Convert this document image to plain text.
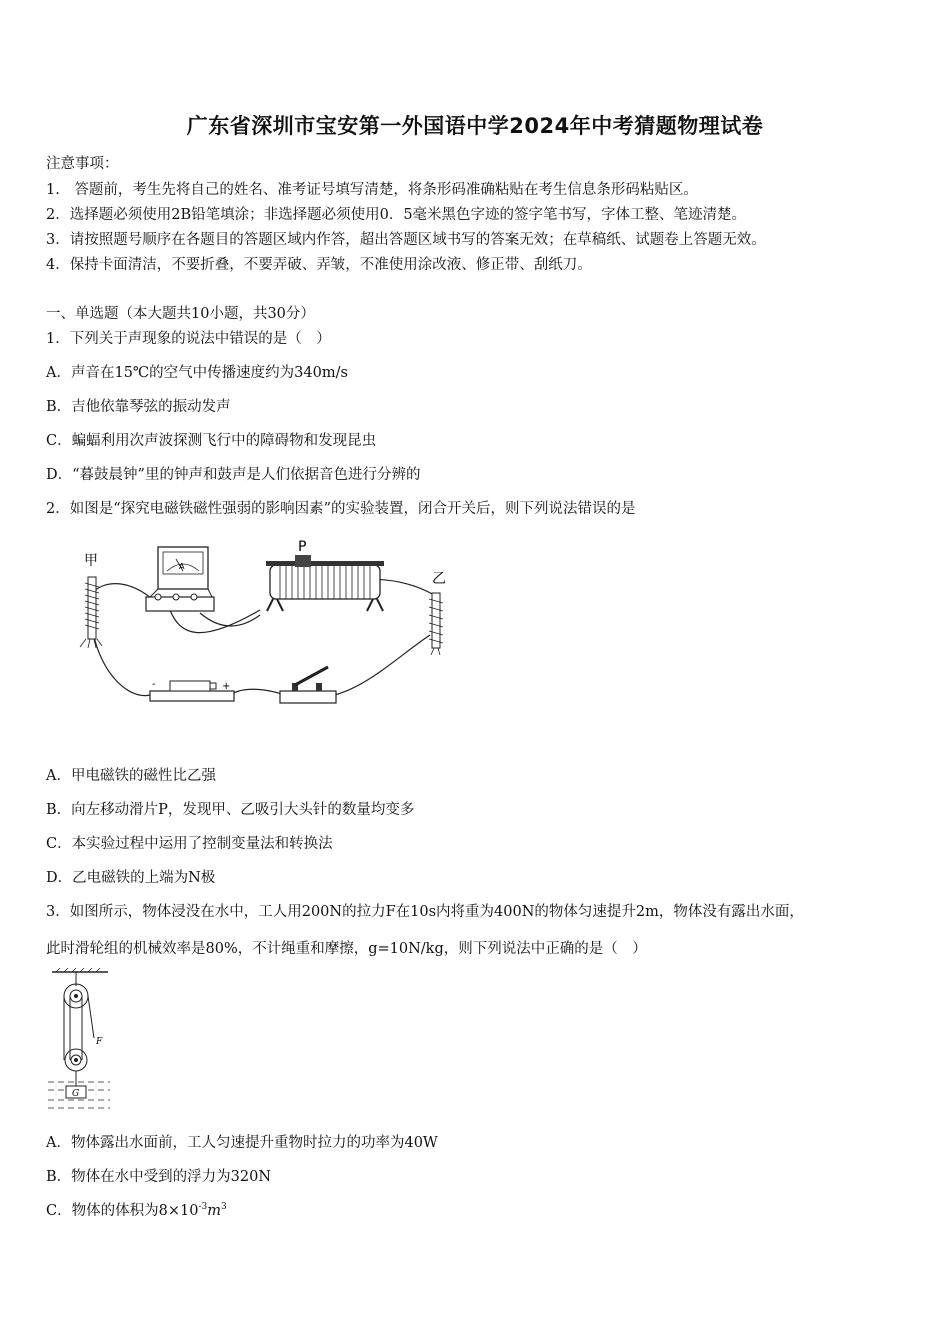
广东省深圳市宝安第一外国语中学2024年中考猜题物理试卷
注意事项：
1.　答题前，考生先将自己的姓名、准考证号填写清楚，将条形码准确粘贴在考生信息条形码粘贴区。
2．选择题必须使用2B铅笔填涂；非选择题必须使用0．5毫米黑色字迹的签字笔书写，字体工整、笔迹清楚。
3．请按照题号顺序在各题目的答题区域内作答，超出答题区域书写的答案无效；在草稿纸、试题卷上答题无效。
4．保持卡面清洁，不要折叠，不要弄破、弄皱，不准使用涂改液、修正带、刮纸刀。
一、单选题（本大题共10小题，共30分）
1．下列关于声现象的说法中错误的是（　）
A．声音在15℃的空气中传播速度约为340m/s
B．吉他依靠琴弦的振动发声
C．蝙蝠利用次声波探测飞行中的障碍物和发现昆虫
D．“暮鼓晨钟”里的钟声和鼓声是人们依据音色进行分辨的
2．如图是“探究电磁铁磁性强弱的影响因素”的实验装置，闭合开关后，则下列说法错误的是
甲
P
乙
A
-	+
A．甲电磁铁的磁性比乙强
B．向左移动滑片P，发现甲、乙吸引大头针的数量均变多
C．本实验过程中运用了控制变量法和转换法
D．乙电磁铁的上端为N极
3．如图所示，物体浸没在水中，工人用200N的拉力F在10s内将重为400N的物体匀速提升2m，物体没有露出水面，
此时滑轮组的机械效率是80%，不计绳重和摩擦，g=10N/kg，则下列说法中正确的是（　）
F
G
A．物体露出水面前，工人匀速提升重物时拉力的功率为40W
B．物体在水中受到的浮力为320N
C．物体的体积为$8\times 10^{-3}m^3$
